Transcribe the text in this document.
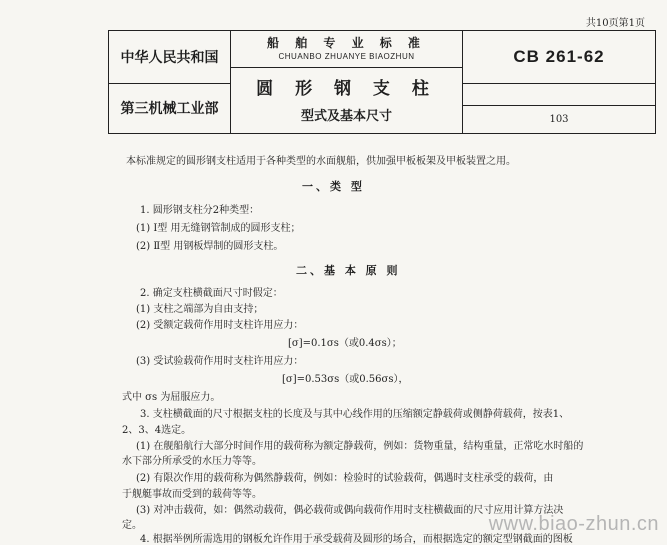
共10页第1页
中华人民共和国
第三机械工业部
船 舶 专 业 标 准
CHUANBO ZHUANYE BIAOZHUN
圆 形 钢 支 柱
型式及基本尺寸
CB 261-62
103
本标准规定的圆形钢支柱适用于各种类型的水面舰船，供加强甲板板架及甲板装置之用。
一、类 型
1. 圆形钢支柱分2种类型：
(1) Ⅰ型 用无缝钢管制成的圆形支柱；
(2) Ⅱ型 用钢板焊制的圆形支柱。
二、基 本 原 则
2. 确定支柱横截面尺寸时假定：
(1) 支柱之端部为自由支持；
(2) 受额定载荷作用时支柱许用应力：
[σ]=0.1σs（或0.4σs）；
(3) 受试验载荷作用时支柱许用应力：
[σ]=0.53σs（或0.56σs），
式中 σs 为屈服应力。
3. 支柱横截面的尺寸根据支柱的长度及与其中心线作用的压缩额定静载荷或侧静荷载荷，按表1、
2、3、4选定。
(1) 在舰船航行大部分时间作用的载荷称为额定静载荷，例如：货物重量，结构重量，正常吃水时船的
水下部分所承受的水压力等等。
(2) 有限次作用的载荷称为偶然静载荷，例如：检验时的试验载荷，偶遇时支柱承受的载荷，由
于舰艇事故而受到的载荷等等。
(3) 对冲击载荷，如：偶然动载荷，偶必载荷或偶向载荷作用时支柱横截面的尺寸应用计算方法决
定。
4. 根据举例所需选用的钢板允许作用于承受载荷及圆形的场合，而根据选定的额定型钢截面的图板
www.biao-zhun.cn
